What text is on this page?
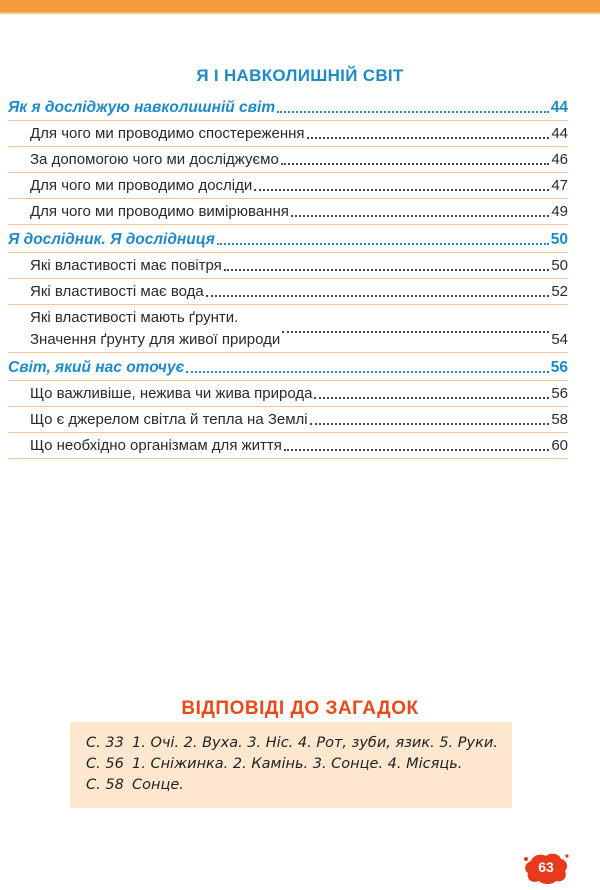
Я І НАВКОЛИШНІЙ СВІТ
Як я досліджую навколишній світ	44
Для чого ми проводимо спостереження	44
За допомогою чого ми досліджуємо	46
Для чого ми проводимо досліди	47
Для чого ми проводимо вимірювання	49
Я дослідник. Я дослідниця	50
Які властивості має повітря	50
Які властивості має вода	52
Які властивості мають ґрунти.
Значення ґрунту для живої природи	54
Світ, який нас оточує	56
Що важливіше, нежива чи жива природа	56
Що є джерелом світла й тепла на Землі	58
Що необхідно організмам для життя	60
ВІДПОВІДІ ДО ЗАГАДОК
С. 33 1. Очі. 2. Вуха. 3. Ніс. 4. Рот, зуби, язик. 5. Руки.
С. 56 1. Сніжинка. 2. Камінь. 3. Сонце. 4. Місяць.
С. 58 Сонце.
63
